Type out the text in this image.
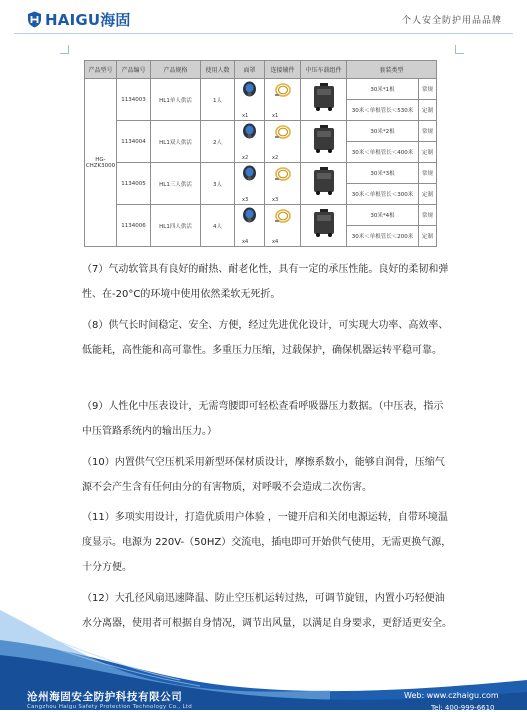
HAIGU海固	个人安全防护用品品牌
产品型号	产品编号	产品规格	使用人数	面罩	连接辅件	中压车载组件	套装类型	
HG-CHZK3000	1134003	HL1单人供活	1人	x1	x1		30米*1根	常规
							30米＜单根管长＜530米	定制
	1134004	HL1双人供活	2人	x2	x2		30米*2根	常规
							30米＜单根管长＜400米	定制
	1134005	HL1三人供活	3人	x3	x3		30米*3根	常规
							30米＜单根管长＜300米	定制
	1134006	HL1四人供活	4人	x4	x4		30米*4根	常规
							30米＜单根管长＜200米	定制

（7）气动软管具有良好的耐热、耐老化性，具有一定的承压性能。良好的柔韧和弹性、在-20°C的环境中使用依然柔软无死折。

（8）供气长时间稳定、安全、方便，经过先进优化设计，可实现大功率、高效率、低能耗，高性能和高可靠性。多重压力压缩，过载保护，确保机器运转平稳可靠。

（9）人性化中压表设计，无需弯腰即可轻松查看呼吸器压力数据。（中压表，指示中压管路系统内的输出压力。）

（10）内置供气空压机采用新型环保材质设计，摩擦系数小，能够自润骨，压缩气源不会产生含有任何由分的有害物质，对呼吸不会造成二次伤害。

（11）多项实用设计，打造优质用户体验 ，一键开启和关闭电源运转，自带环境温度显示。电源为 220V-（50HZ）交流电，插电即可开始供气使用，无需更换气源，十分方便。

（12）大孔径风扇迅速降温、防止空压机运转过热，可调节旋钮，内置小巧轻便油水分离器，使用者可根据自身情况，调节出风量，以满足自身要求，更舒适更安全。

沧州海固安全防护科技有限公司
Cangzhou Haigu Safety Protection Technology Co., Ltd
Web: www.czhaigu.com
Tel: 400-999-6610
